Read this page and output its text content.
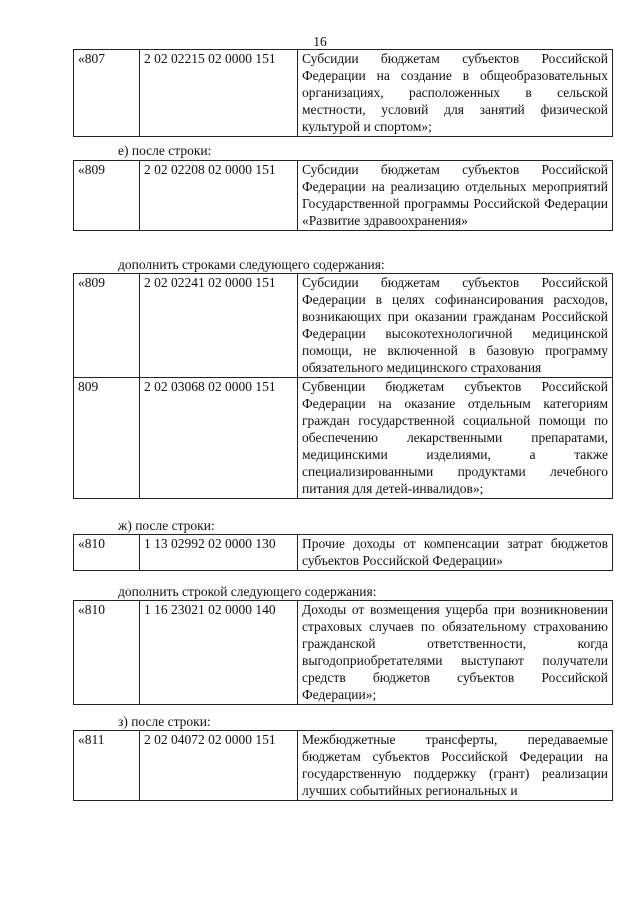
16
«807	2 02 02215 02 0000 151	Субсидии бюджетам субъектов Российской Федерации на создание в общеобразовательных организациях, расположенных в сельской местности, условий для занятий физической культурой и спортом»;
е) после строки:
«809	2 02 02208 02 0000 151	Субсидии бюджетам субъектов Российской Федерации на реализацию отдельных мероприятий Государственной программы Российской Федерации «Развитие здравоохранения»
дополнить строками следующего содержания:
«809	2 02 02241 02 0000 151	Субсидии бюджетам субъектов Российской Федерации в целях софинансирования расходов, возникающих при оказании гражданам Российской Федерации высокотехнологичной медицинской помощи, не включенной в базовую программу обязательного медицинского страхования
809	2 02 03068 02 0000 151	Субвенции бюджетам субъектов Российской Федерации на оказание отдельным категориям граждан государственной социальной помощи по обеспечению лекарственными препаратами, медицинскими изделиями, а также специализированными продуктами лечебного питания для детей-инвалидов»;
ж) после строки:
«810	1 13 02992 02 0000 130	Прочие доходы от компенсации затрат бюджетов субъектов Российской Федерации»
дополнить строкой следующего содержания:
«810	1 16 23021 02 0000 140	Доходы от возмещения ущерба при возникновении страховых случаев по обязательному страхованию гражданской ответственности, когда выгодоприобретателями выступают получатели средств бюджетов субъектов Российской Федерации»;
з) после строки:
«811	2 02 04072 02 0000 151	Межбюджетные трансферты, передаваемые бюджетам субъектов Российской Федерации на государственную поддержку (грант) реализации лучших событийных региональных и
